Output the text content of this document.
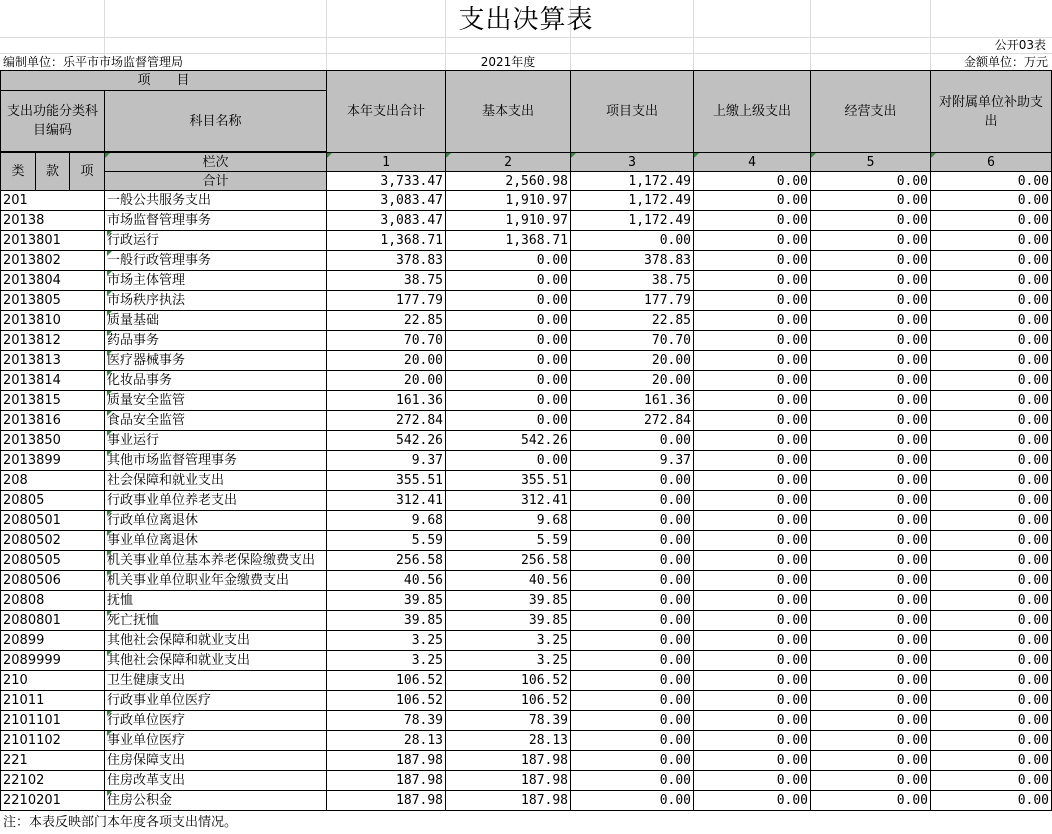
支出决算表
公开03表
编制单位：乐平市市场监督管理局	2021年度	金额单位：万元
项　　目				本年支出合计	基本支出	项目支出	上缴上级支出	经营支出	对附属单位补助支出
支出功能分类科目编码			科目名称						

类	款	项	栏次	1	2	3	4	5	6
			合计	3,733.47	2,560.98	1,172.49	0.00	0.00	0.00
201			一般公共服务支出	3,083.47	1,910.97	1,172.49	0.00	0.00	0.00
20138			市场监督管理事务	3,083.47	1,910.97	1,172.49	0.00	0.00	0.00
2013801			行政运行	1,368.71	1,368.71	0.00	0.00	0.00	0.00
2013802			一般行政管理事务	378.83	0.00	378.83	0.00	0.00	0.00
2013804			市场主体管理	38.75	0.00	38.75	0.00	0.00	0.00
2013805			市场秩序执法	177.79	0.00	177.79	0.00	0.00	0.00
2013810			质量基础	22.85	0.00	22.85	0.00	0.00	0.00
2013812			药品事务	70.70	0.00	70.70	0.00	0.00	0.00
2013813			医疗器械事务	20.00	0.00	20.00	0.00	0.00	0.00
2013814			化妆品事务	20.00	0.00	20.00	0.00	0.00	0.00
2013815			质量安全监管	161.36	0.00	161.36	0.00	0.00	0.00
2013816			食品安全监管	272.84	0.00	272.84	0.00	0.00	0.00
2013850			事业运行	542.26	542.26	0.00	0.00	0.00	0.00
2013899			其他市场监督管理事务	9.37	0.00	9.37	0.00	0.00	0.00
208			社会保障和就业支出	355.51	355.51	0.00	0.00	0.00	0.00
20805			行政事业单位养老支出	312.41	312.41	0.00	0.00	0.00	0.00
2080501			行政单位离退休	9.68	9.68	0.00	0.00	0.00	0.00
2080502			事业单位离退休	5.59	5.59	0.00	0.00	0.00	0.00
2080505			机关事业单位基本养老保险缴费支出	256.58	256.58	0.00	0.00	0.00	0.00
2080506			机关事业单位职业年金缴费支出	40.56	40.56	0.00	0.00	0.00	0.00
20808			抚恤	39.85	39.85	0.00	0.00	0.00	0.00
2080801			死亡抚恤	39.85	39.85	0.00	0.00	0.00	0.00
20899			其他社会保障和就业支出	3.25	3.25	0.00	0.00	0.00	0.00
2089999			其他社会保障和就业支出	3.25	3.25	0.00	0.00	0.00	0.00
210			卫生健康支出	106.52	106.52	0.00	0.00	0.00	0.00
21011			行政事业单位医疗	106.52	106.52	0.00	0.00	0.00	0.00
2101101			行政单位医疗	78.39	78.39	0.00	0.00	0.00	0.00
2101102			事业单位医疗	28.13	28.13	0.00	0.00	0.00	0.00
221			住房保障支出	187.98	187.98	0.00	0.00	0.00	0.00
22102			住房改革支出	187.98	187.98	0.00	0.00	0.00	0.00
2210201			住房公积金	187.98	187.98	0.00	0.00	0.00	0.00
注：本表反映部门本年度各项支出情况。
